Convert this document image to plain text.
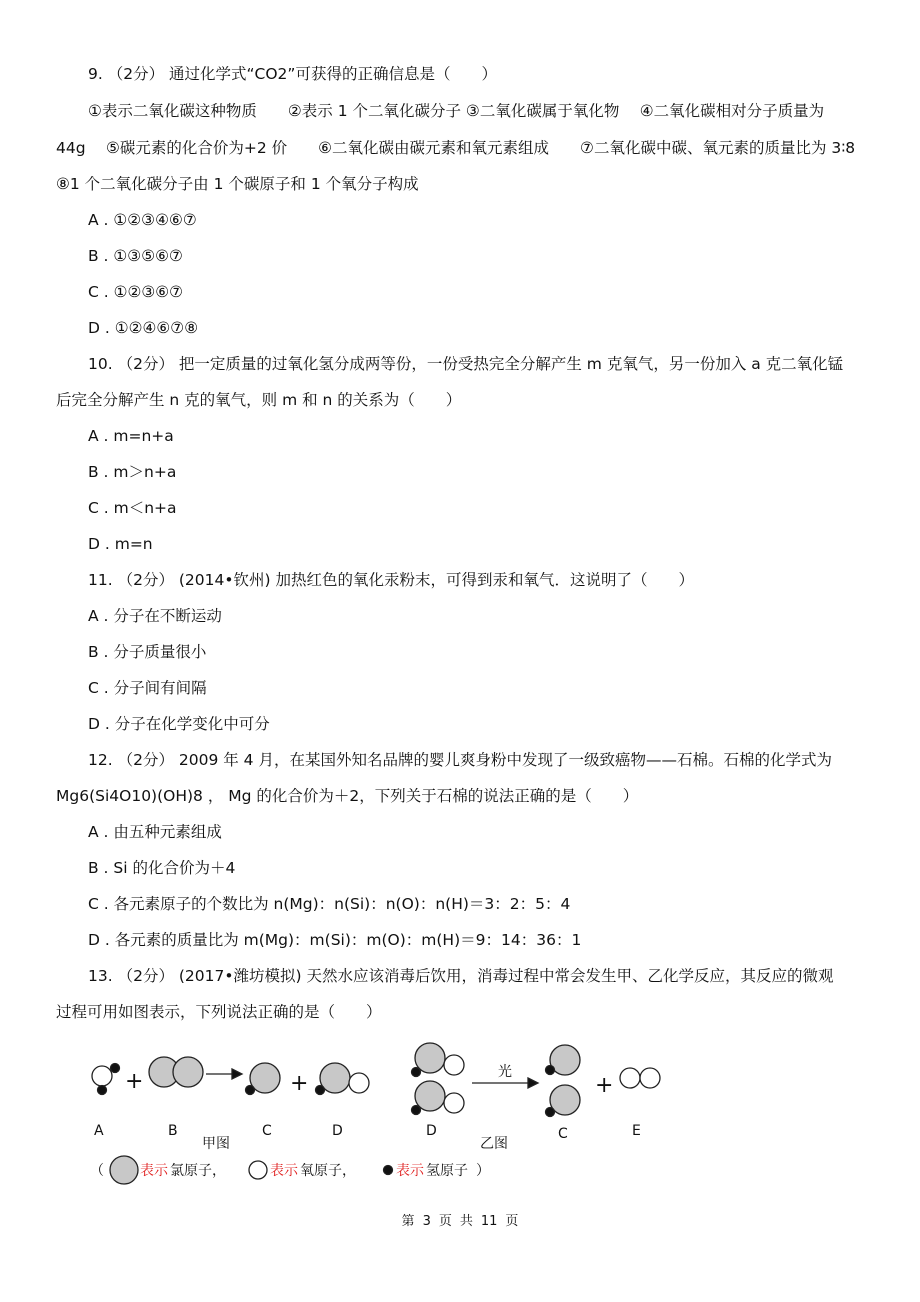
9. （2分） 通过化学式“CO2”可获得的正确信息是（　　）
①表示二氧化碳这种物质　　②表示 1 个二氧化碳分子 ③二氧化碳属于氧化物　 ④二氧化碳相对分子质量为
44g　 ⑤碳元素的化合价为+2 价　　⑥二氧化碳由碳元素和氧元素组成　　⑦二氧化碳中碳、氧元素的质量比为 3∶8
⑧1 个二氧化碳分子由 1 个碳原子和 1 个氧分子构成
A . ①②③④⑥⑦
B . ①③⑤⑥⑦
C . ①②③⑥⑦
D . ①②④⑥⑦⑧
10. （2分） 把一定质量的过氧化氢分成两等份，一份受热完全分解产生 m 克氧气，另一份加入 a 克二氧化锰
后完全分解产生 n 克的氧气，则 m 和 n 的关系为（　　）
A . m=n+a
B . m＞n+a
C . m＜n+a
D . m=n
11. （2分） (2014•钦州) 加热红色的氧化汞粉末，可得到汞和氧气．这说明了（　　）
A . 分子在不断运动
B . 分子质量很小
C . 分子间有间隔
D . 分子在化学变化中可分
12. （2分） 2009 年 4 月，在某国外知名品牌的婴儿爽身粉中发现了一级致癌物——石棉。石棉的化学式为
Mg6(Si4O10)(OH)8 ， Mg 的化合价为＋2，下列关于石棉的说法正确的是（　　）
A . 由五种元素组成
B . Si 的化合价为＋4
C . 各元素原子的个数比为 n(Mg)：n(Si)：n(O)：n(H)＝3：2：5：4
D . 各元素的质量比为 m(Mg)：m(Si)：m(O)：m(H)＝9：14：36：1
13. （2分） (2017•潍坊模拟) 天然水应该消毒后饮用，消毒过程中常会发生甲、乙化学反应，其反应的微观
过程可用如图表示，下列说法正确的是（　　）
+	+	+
A	B	C	D
甲图
D
乙图
光
C	E
（	表示 氯原子，	表示 氧原子，	表示 氢原子 ）
第 3 页 共 11 页
